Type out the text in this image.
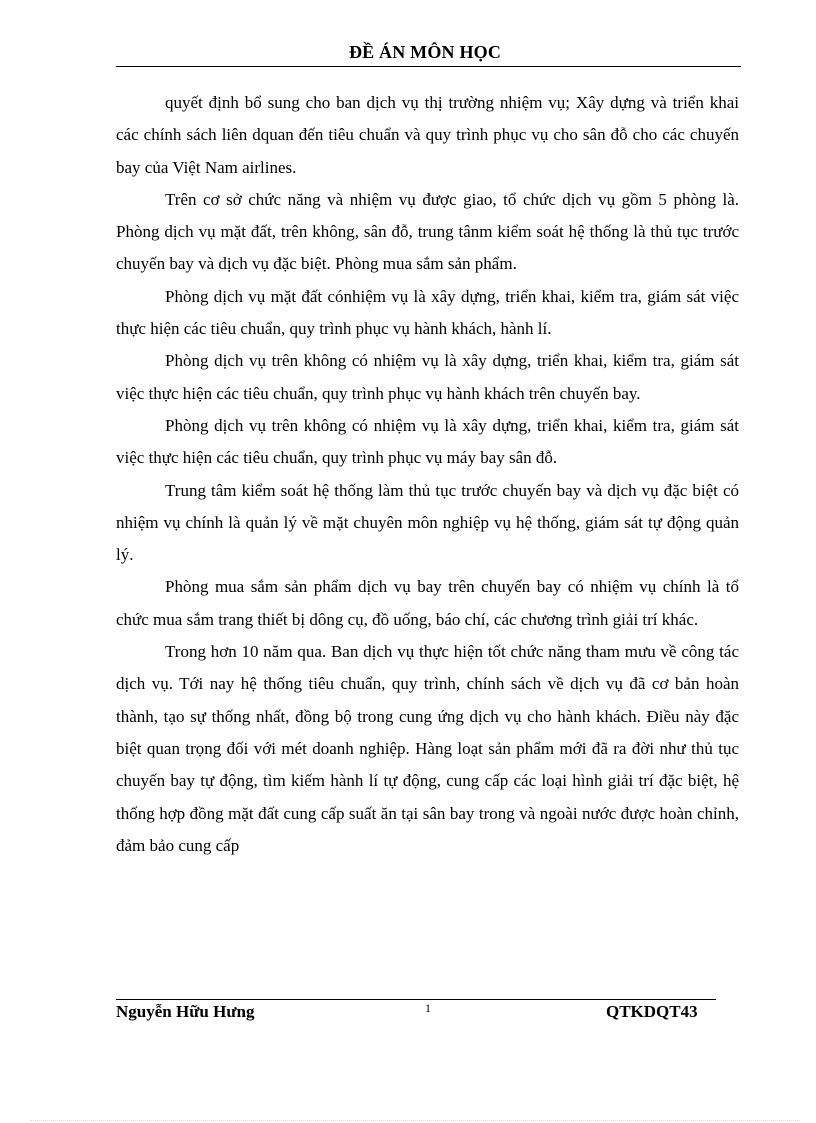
ĐỀ ÁN MÔN HỌC

quyết định bổ sung cho ban dịch vụ thị trường nhiệm vụ; Xây dựng và triển khai các chính sách liên dquan đến tiêu chuẩn và quy trình phục vụ cho sân đỗ cho các chuyến bay của Việt Nam airlines.

Trên cơ sở chức năng và nhiệm vụ được giao, tổ chức dịch vụ gồm 5 phòng là. Phòng dịch vụ mặt đất, trên không, sân đỗ, trung tânm kiểm soát hệ thống là thủ tục trước chuyến bay và dịch vụ đặc biệt. Phòng mua sắm sản phẩm.

Phòng dịch vụ mặt đất cónhiệm vụ là xây dựng, triển khai, kiểm tra, giám sát việc thực hiện các tiêu chuẩn, quy trình phục vụ hành khách, hành lí.

Phòng dịch vụ trên không có nhiệm vụ là xây dựng, triển khai, kiểm tra, giám sát việc thực hiện các tiêu chuẩn, quy trình phục vụ hành khách trên chuyến bay.

Phòng dịch vụ trên không có nhiệm vụ là xây dựng, triển khai, kiểm tra, giám sát việc thực hiện các tiêu chuẩn, quy trình phục vụ máy bay sân đỗ.

Trung tâm kiểm soát hệ thống làm thủ tục trước chuyến bay và dịch vụ đặc biệt có nhiệm vụ chính là quản lý về mặt chuyên môn nghiệp vụ hệ thống, giám sát tự động quản lý.

Phòng mua sắm sản phẩm dịch vụ bay trên chuyến bay có nhiệm vụ chính là tổ chức mua sắm trang thiết bị dông cụ, đồ uống, báo chí, các chương trình giải trí khác.

Trong hơn 10 năm qua. Ban dịch vụ thực hiện tốt chức năng tham mưu về công tác dịch vụ. Tới nay hệ thống tiêu chuẩn, quy trình, chính sách về dịch vụ đã cơ bản hoàn thành, tạo sự thống nhất, đồng bộ trong cung ứng dịch vụ cho hành khách. Điều này đặc biệt quan trọng đối với mét doanh nghiệp. Hàng loạt sản phẩm mới đã ra đời như thủ tục chuyến bay tự động, tìm kiếm hành lí tự động, cung cấp các loại hình giải trí đặc biệt, hệ thống hợp đồng mặt đất cung cấp suất ăn tại sân bay trong và ngoài nước được hoàn chỉnh, đảm bảo cung cấp

Nguyễn Hữu Hưng	1	QTKDQT43
